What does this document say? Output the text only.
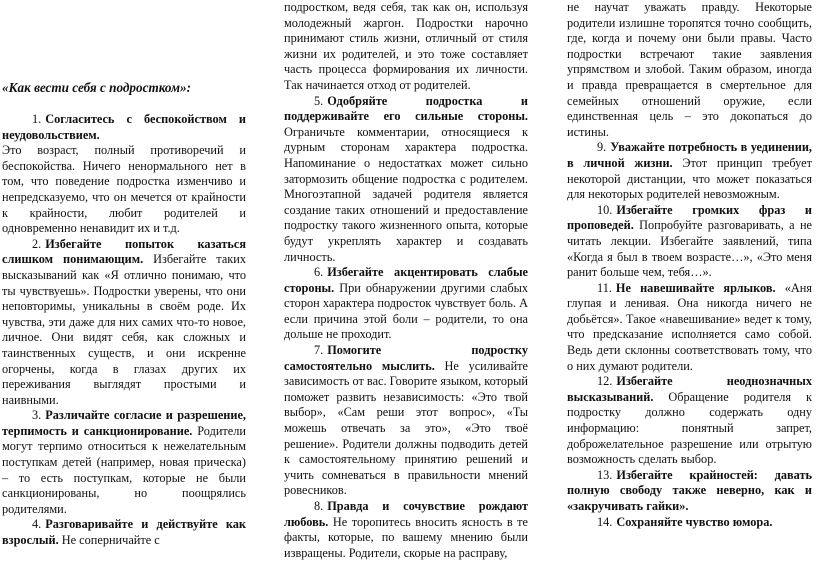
«Как вести себя с подростком»:

1. Согласитесь с беспокойством и неудовольствием.
Это возраст, полный противоречий и беспокойства. Ничего ненормального нет в том, что поведение подростка изменчиво и непредсказуемо, что он мечется от крайности к крайности, любит родителей и одновременно ненавидит их и т.д.

2. Избегайте попыток казаться слишком понимающим. Избегайте таких высказываний как «Я отлично понимаю, что ты чувствуешь». Подростки уверены, что они неповторимы, уникальны в своём роде. Их чувства, эти даже для них самих что-то новое, личное. Они видят себя, как сложных и таинственных существ, и они искренне огорчены, когда в глазах других их переживания выглядят простыми и наивными.

3. Различайте согласие и разрешение, терпимость и санкционирование. Родители могут терпимо относиться к нежелательным поступкам детей (например, новая прическа) – то есть поступкам, которые не были санкционированы, но поощрялись родителями.

4. Разговаривайте и действуйте как взрослый. Не соперничайте с

подростком, ведя себя, так как он, используя молодежный жаргон. Подростки нарочно принимают стиль жизни, отличный от стиля жизни их родителей, и это тоже составляет часть процесса формирования их личности. Так начинается отход от родителей.

5. Одобряйте подростка и поддерживайте его сильные стороны. Ограничьте комментарии, относящиеся к дурным сторонам характера подростка. Напоминание о недостатках может сильно затормозить общение подростка с родителем. Многоэтапной задачей родителя является создание таких отношений и предоставление подростку такого жизненного опыта, которые будут укреплять характер и создавать личность.

6. Избегайте акцентировать слабые стороны. При обнаружении другими слабых сторон характера подросток чувствует боль. А если причина этой боли – родители, то она дольше не проходит.

7. Помогите подростку самостоятельно мыслить. Не усиливайте зависимость от вас. Говорите языком, который поможет развить независимость: «Это твой выбор», «Сам реши этот вопрос», «Ты можешь отвечать за это», «Это твоё решение». Родители должны подводить детей к самостоятельному принятию решений и учить сомневаться в правильности мнений ровесников.

8. Правда и сочувствие рождают любовь. Не торопитесь вносить ясность в те факты, которые, по вашему мнению были извращены. Родители, скорые на расправу,

не научат уважать правду. Некоторые родители излишне торопятся точно сообщить, где, когда и почему они были правы. Часто подростки встречают такие заявления упрямством и злобой. Таким образом, иногда и правда превращается в смертельное для семейных отношений оружие, если единственная цель – это докопаться до истины.

9. Уважайте потребность в уединении, в личной жизни. Этот принцип требует некоторой дистанции, что может показаться для некоторых родителей невозможным.

10. Избегайте громких фраз и проповедей. Попробуйте разговаривать, а не читать лекции. Избегайте заявлений, типа «Когда я был в твоем возрасте…», «Это меня ранит больше чем, тебя…».

11. Не навешивайте ярлыков. «Аня глупая и ленивая. Она никогда ничего не добьётся». Такое «навешивание» ведет к тому, что предсказание исполняется само собой. Ведь дети склонны соответствовать тому, что о них думают родители.

12. Избегайте неоднозначных высказываний. Обращение родителя к подростку должно содержать одну информацию: понятный запрет, доброжелательное разрешение или отрытую возможность сделать выбор.

13. Избегайте крайностей: давать полную свободу также неверно, как и «закручивать гайки».

14. Сохраняйте чувство юмора.
